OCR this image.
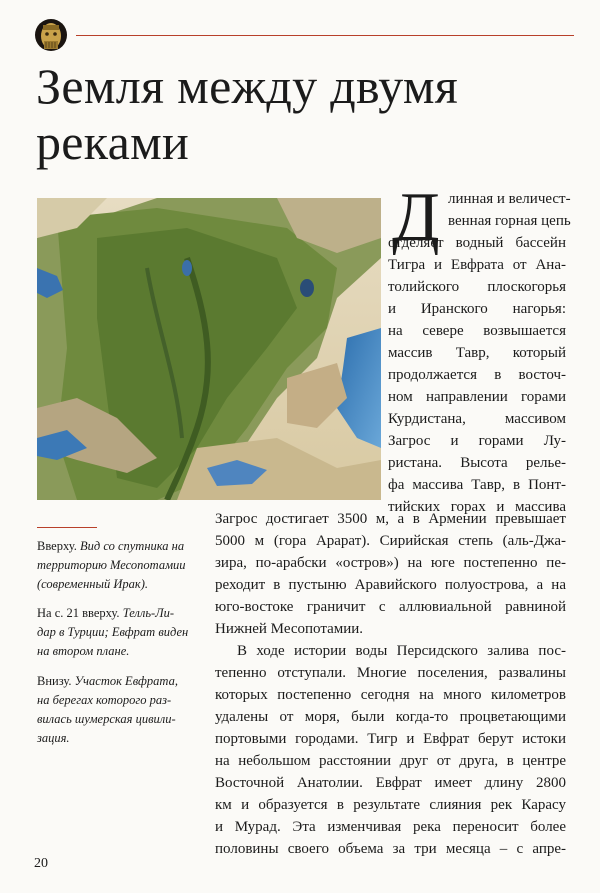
Земля между двумя
реками
Д линная и величест-
венная горная цепь
отделяет водный бассейн
Тигра и Евфрата от Ана-
толийского плоскогорья
и Иранского нагорья:
на севере возвышается
массив Тавр, который
продолжается в восточ-
ном направлении горами
Курдистана, массивом
Загрос и горами Лу-
ристана. Высота релье-
фа массива Тавр, в Понт-
тийских горах и массива
Загрос достигает 3500 м, а в Армении превышает
5000 м (гора Арарат). Сирийская степь (аль-Джа-
зира, по-арабски «остров») на юге постепенно пе-
реходит в пустыню Аравийского полуострова, а на
юго-востоке граничит с аллювиальной равниной
Нижней Месопотамии.
В ходе истории воды Персидского залива пос-
тепенно отступали. Многие поселения, развалины
которых постепенно сегодня на много километров
удалены от моря, были когда-то процветающими
портовыми городами. Тигр и Евфрат берут истоки
на небольшом расстоянии друг от друга, в центре
Восточной Анатолии. Евфрат имеет длину 2800
км и образуется в результате слияния рек Карасу
и Мурад. Эта изменчивая река переносит более
половины своего объема за три месяца – с апре-
Вверху. Вид со спутника на
территорию Месопотамии
(современный Ирак).
На с. 21 вверху. Телль-Ли-
дар в Турции; Евфрат виден
на втором плане.
Внизу. Участок Евфрата,
на берегах которого раз-
вилась шумерская цивили-
зация.
20
